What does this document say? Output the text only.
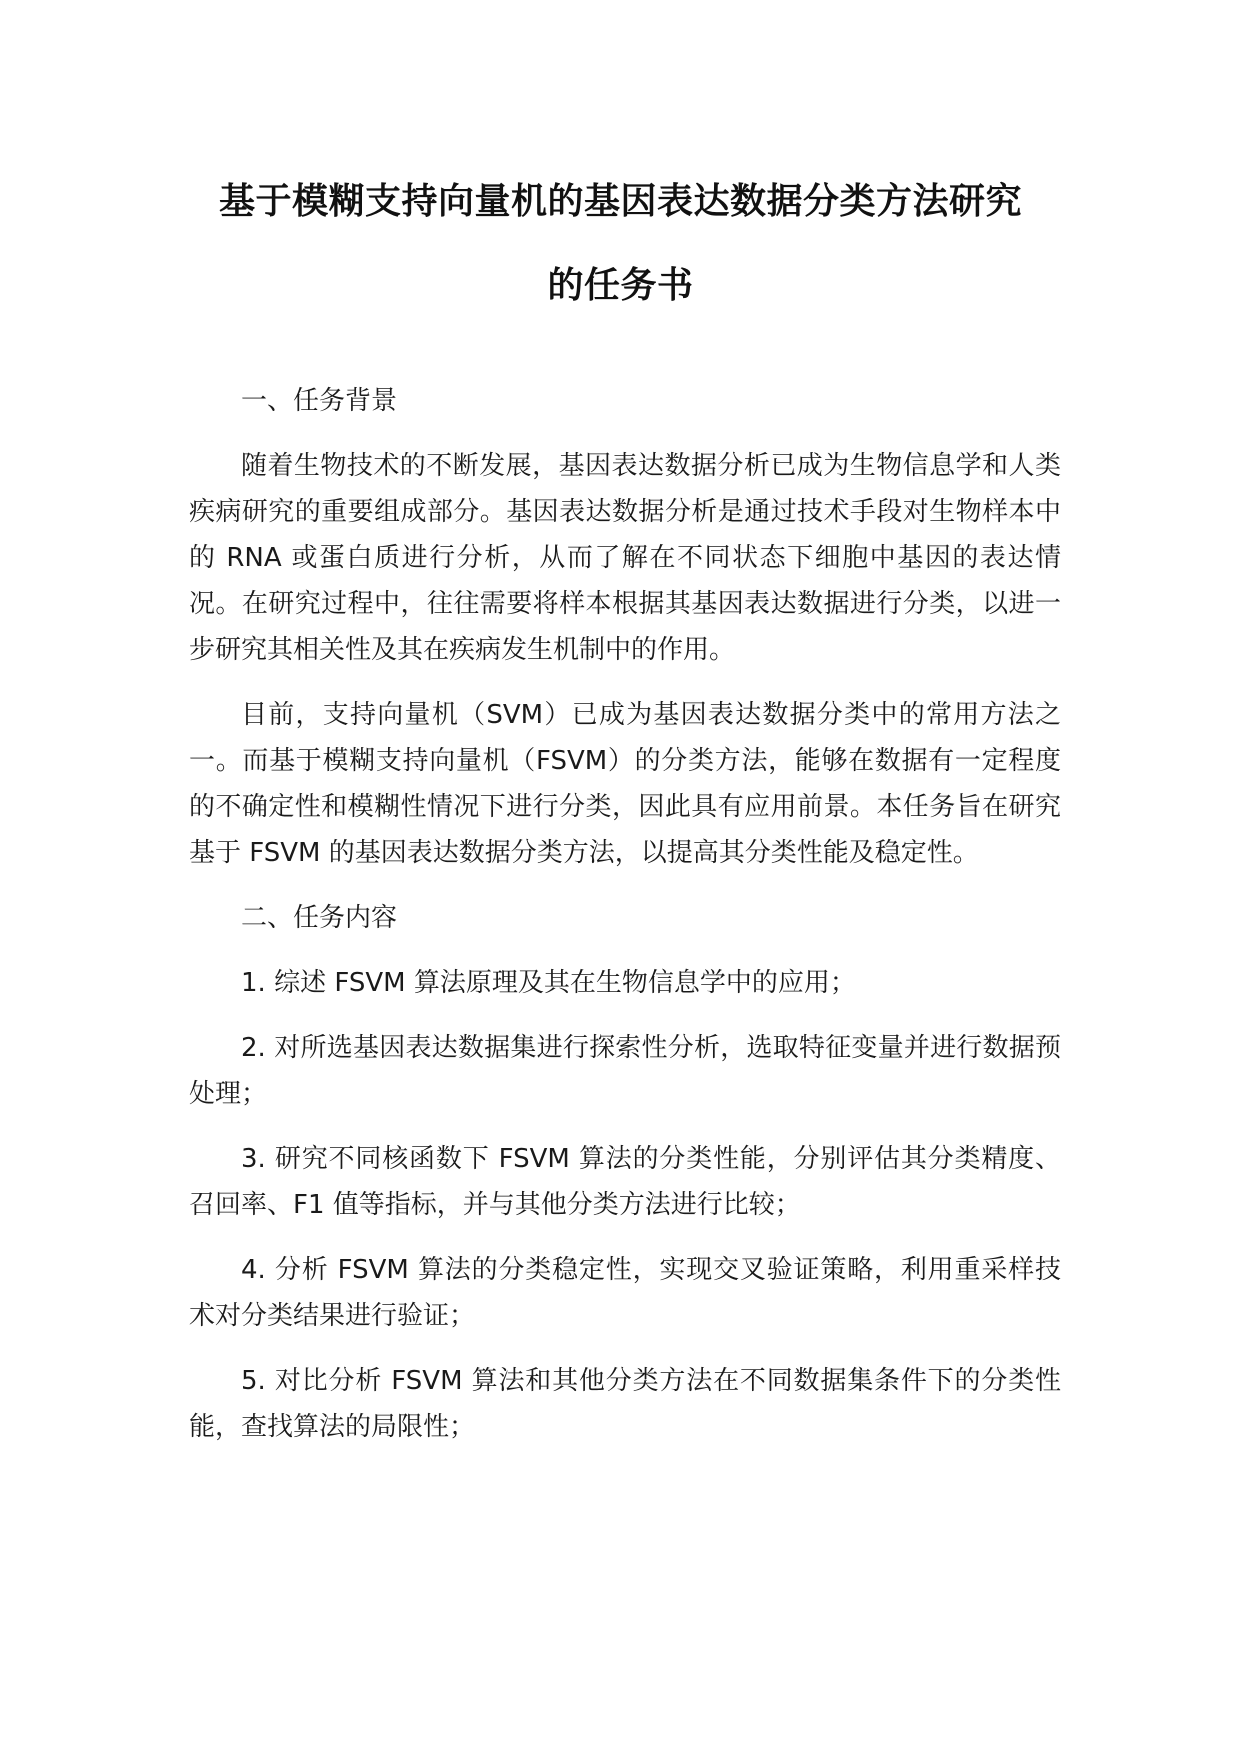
基于模糊支持向量机的基因表达数据分类方法研究
的任务书

一、任务背景

随着生物技术的不断发展，基因表达数据分析已成为生物信息学和人类疾病研究的重要组成部分。基因表达数据分析是通过技术手段对生物样本中的 RNA 或蛋白质进行分析，从而了解在不同状态下细胞中基因的表达情况。在研究过程中，往往需要将样本根据其基因表达数据进行分类，以进一步研究其相关性及其在疾病发生机制中的作用。

目前，支持向量机（SVM）已成为基因表达数据分类中的常用方法之一。而基于模糊支持向量机（FSVM）的分类方法，能够在数据有一定程度的不确定性和模糊性情况下进行分类，因此具有应用前景。本任务旨在研究基于 FSVM 的基因表达数据分类方法，以提高其分类性能及稳定性。

二、任务内容

1. 综述 FSVM 算法原理及其在生物信息学中的应用；

2. 对所选基因表达数据集进行探索性分析，选取特征变量并进行数据预处理；

3. 研究不同核函数下 FSVM 算法的分类性能，分别评估其分类精度、召回率、F1 值等指标，并与其他分类方法进行比较；

4. 分析 FSVM 算法的分类稳定性，实现交叉验证策略，利用重采样技术对分类结果进行验证；

5. 对比分析 FSVM 算法和其他分类方法在不同数据集条件下的分类性能，查找算法的局限性；
